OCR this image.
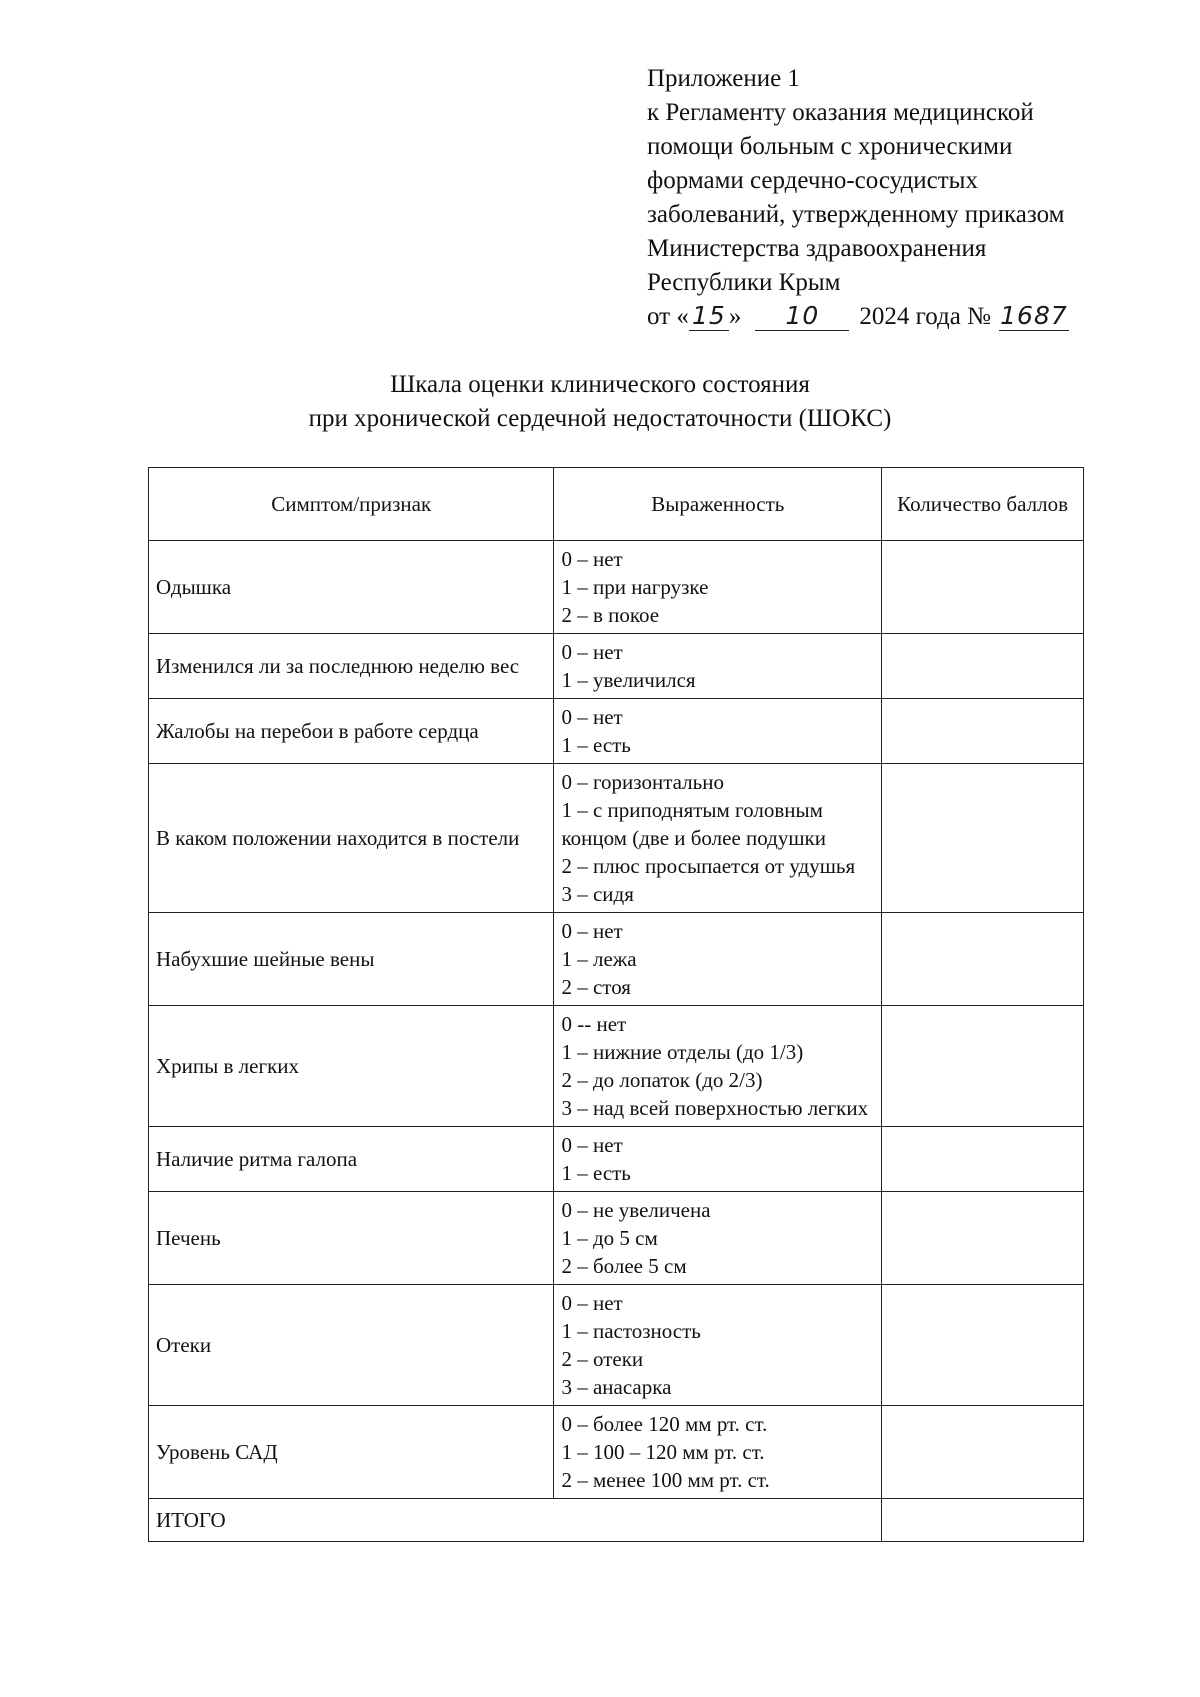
Приложение 1
к Регламенту оказания медицинской
помощи больным с хроническими
формами сердечно-сосудистых
заболеваний, утвержденному приказом
Министерства здравоохранения
Республики Крым
от « 15 » 10 2024 года № 1687
Шкала оценки клинического состояния
при хронической сердечной недостаточности (ШОКС)
Симптом/признак	Выраженность	Количество баллов
Одышка	0 – нет
1 – при нагрузке
2 – в покое	

Изменился ли за последнюю неделю вес	0 – нет
1 – увеличился	

Жалобы на перебои в работе сердца	0 – нет
1 – есть	

В каком положении находится в постели	0 – горизонтально
1 – с приподнятым головным концом (две и более подушки
2 – плюс просыпается от удушья
3 – сидя	

Набухшие шейные вены	0 – нет
1 – лежа
2 – стоя	

Хрипы в легких	0 -- нет
1 – нижние отделы (до 1/3)
2 – до лопаток (до 2/3)
3 – над всей поверхностью легких	

Наличие ритма галопа	0 – нет
1 – есть	

Печень	0 – не увеличена
1 – до 5 см
2 – более 5 см	

Отеки	0 – нет
1 – пастозность
2 – отеки
3 – анасарка	

Уровень САД	0 – более 120 мм рт. ст.
1 – 100 – 120 мм рт. ст.
2 – менее 100 мм рт. ст.	

ИТОГО		
